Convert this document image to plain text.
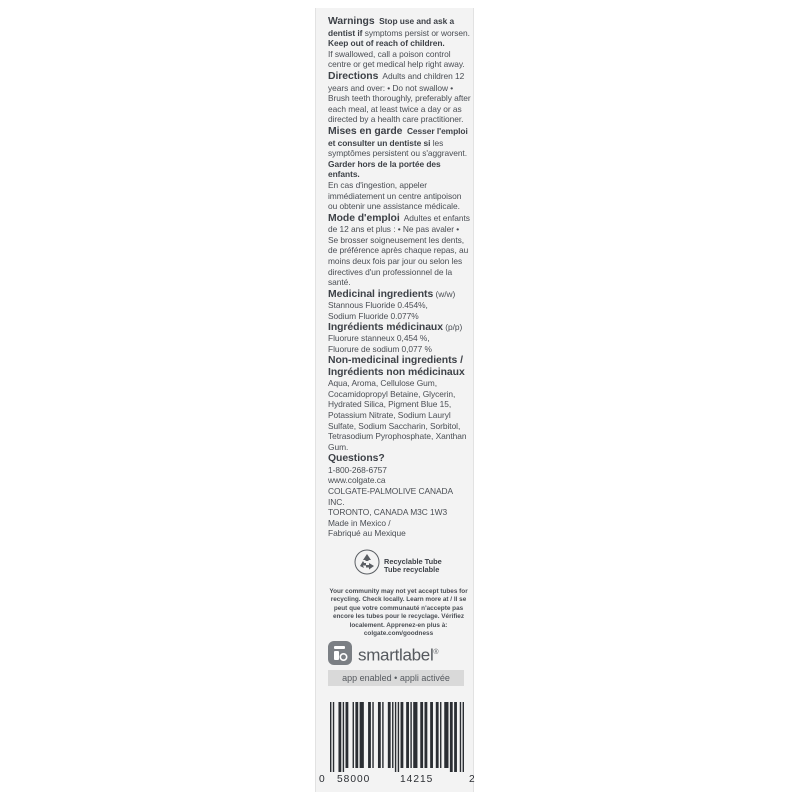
Warnings Stop use and ask a dentist if symptoms persist or worsen.

Keep out of reach of children.

If swallowed, call a poison control centre or get medical help right away.

Directions Adults and children 12 years and over: • Do not swallow • Brush teeth thoroughly, preferably after each meal, at least twice a day or as directed by a health care practitioner.

Mises en garde Cesser l'emploi et consulter un dentiste si les symptômes persistent ou s'aggravent.

Garder hors de la portée des enfants.

En cas d'ingestion, appeler immédiatement un centre antipoison ou obtenir une assistance médicale.

Mode d'emploi Adultes et enfants de 12 ans et plus : • Ne pas avaler • Se brosser soigneusement les dents, de préférence après chaque repas, au moins deux fois par jour ou selon les directives d'un professionnel de la santé.

Medicinal ingredients (w/w)

Stannous Fluoride 0.454%,

Sodium Fluoride 0.077%

Ingrédients médicinaux (p/p)

Fluorure stanneux 0,454 %,

Fluorure de sodium 0,077 %

Non-medicinal ingredients / Ingrédients non médicinaux

Aqua, Aroma, Cellulose Gum, Cocamidopropyl Betaine, Glycerin, Hydrated Silica, Pigment Blue 15, Potassium Nitrate, Sodium Lauryl Sulfate, Sodium Saccharin, Sorbitol, Tetrasodium Pyrophosphate, Xanthan Gum.

Questions?

1-800-268-6757

www.colgate.ca

COLGATE-PALMOLIVE CANADA INC.

TORONTO, CANADA M3C 1W3

Made in Mexico /

Fabriqué au Mexique

Recyclable Tube
Tube recyclable
Your community may not yet accept tubes for recycling. Check locally. Learn more at / Il se peut que votre communauté n'accepte pas encore les tubes pour le recyclage. Vérifiez localement. Apprenez-en plus à: colgate.com/goodness
smartlabel®
app enabled • appli activée
0 58000	14215	2
